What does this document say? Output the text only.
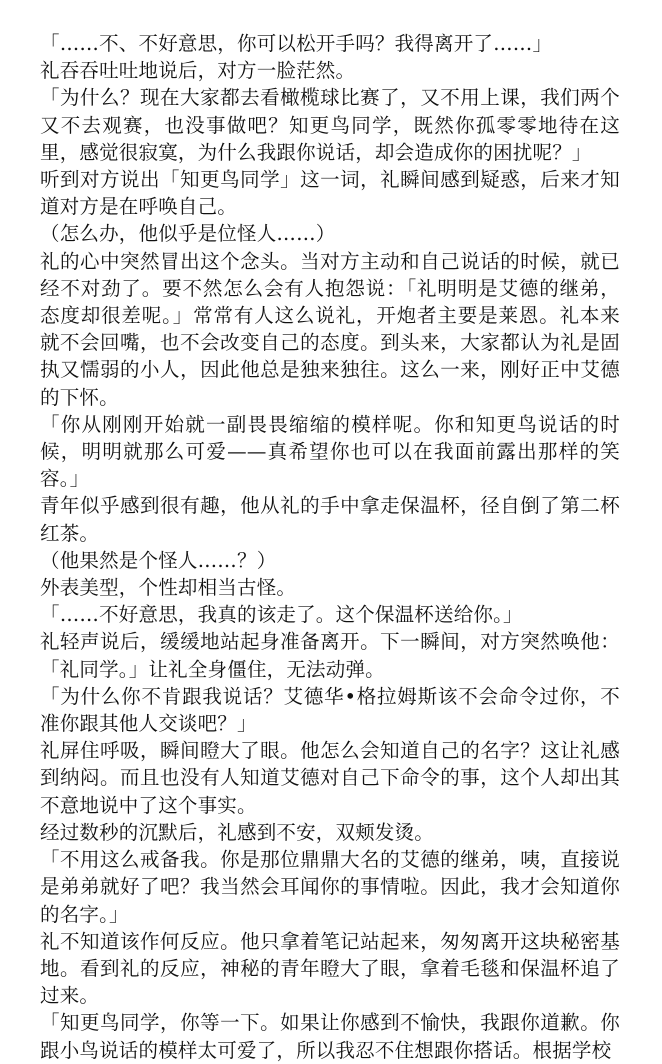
「……不、不好意思，你可以松开手吗？我得离开了……」

礼吞吞吐吐地说后，对方一脸茫然。

「为什么？现在大家都去看橄榄球比赛了，又不用上课，我们两个又不去观赛，也没事做吧？知更鸟同学，既然你孤零零地待在这里，感觉很寂寞，为什么我跟你说话，却会造成你的困扰呢？」

听到对方说出「知更鸟同学」这一词，礼瞬间感到疑惑，后来才知道对方是在呼唤自己。

（怎么办，他似乎是位怪人……）

礼的心中突然冒出这个念头。当对方主动和自己说话的时候，就已经不对劲了。要不然怎么会有人抱怨说：「礼明明是艾德的继弟，态度却很差呢。」常常有人这么说礼，开炮者主要是莱恩。礼本来就不会回嘴，也不会改变自己的态度。到头来，大家都认为礼是固执又懦弱的小人，因此他总是独来独往。这么一来，刚好正中艾德的下怀。

「你从刚刚开始就一副畏畏缩缩的模样呢。你和知更鸟说话的时候，明明就那么可爱——真希望你也可以在我面前露出那样的笑容。」

青年似乎感到很有趣，他从礼的手中拿走保温杯，径自倒了第二杯红茶。

（他果然是个怪人……？）

外表美型，个性却相当古怪。

「……不好意思，我真的该走了。这个保温杯送给你。」

礼轻声说后，缓缓地站起身准备离开。下一瞬间，对方突然唤他：「礼同学。」让礼全身僵住，无法动弹。

「为什么你不肯跟我说话？艾德华•格拉姆斯该不会命令过你，不准你跟其他人交谈吧？」

礼屏住呼吸，瞬间瞪大了眼。他怎么会知道自己的名字？这让礼感到纳闷。而且也没有人知道艾德对自己下命令的事，这个人却出其不意地说中了这个事实。

经过数秒的沉默后，礼感到不安，双颊发烫。

「不用这么戒备我。你是那位鼎鼎大名的艾德的继弟，咦，直接说是弟弟就好了吧？我当然会耳闻你的事情啦。因此，我才会知道你的名字。」

礼不知道该作何反应。他只拿着笔记站起来，匆匆离开这块秘密基地。看到礼的反应，神秘的青年瞪大了眼，拿着毛毯和保温杯追了过来。

「知更鸟同学，你等一下。如果让你感到不愉快，我跟你道歉。你跟小鸟说话的模样太可爱了，所以我忍不住想跟你搭话。根据学校
